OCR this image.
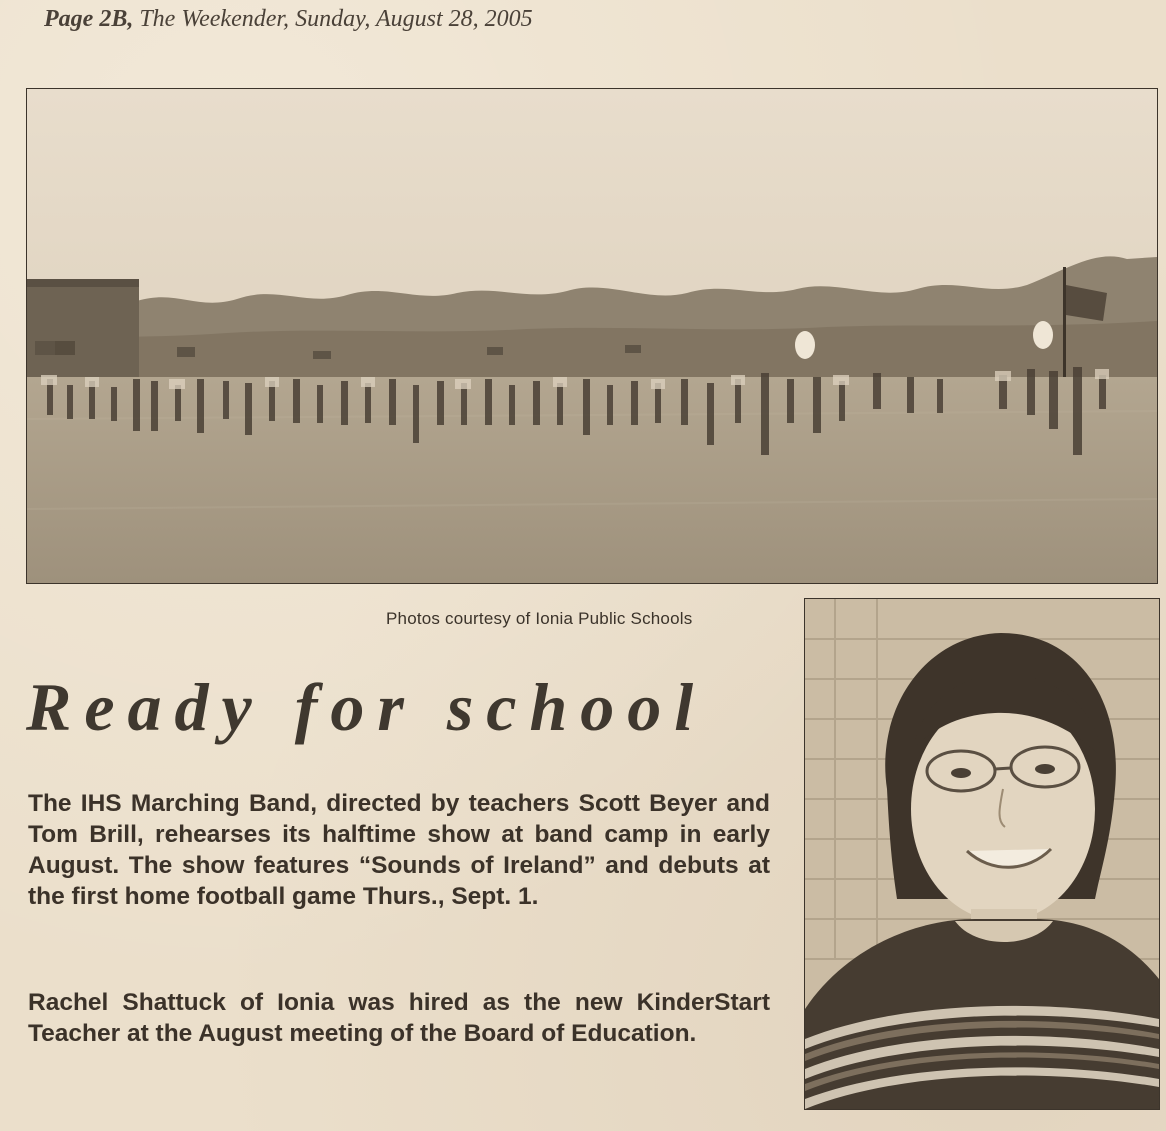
Page 2B, The Weekender, Sunday, August 28, 2005
Photos courtesy of Ionia Public Schools
Ready for school

The IHS Marching Band, directed by teachers Scott Beyer and Tom Brill, rehearses its halftime show at band camp in early August. The show features “Sounds of Ireland” and debuts at the first home football game Thurs., Sept. 1.

Rachel Shattuck of Ionia was hired as the new KinderStart Teacher at the August meeting of the Board of Education.
